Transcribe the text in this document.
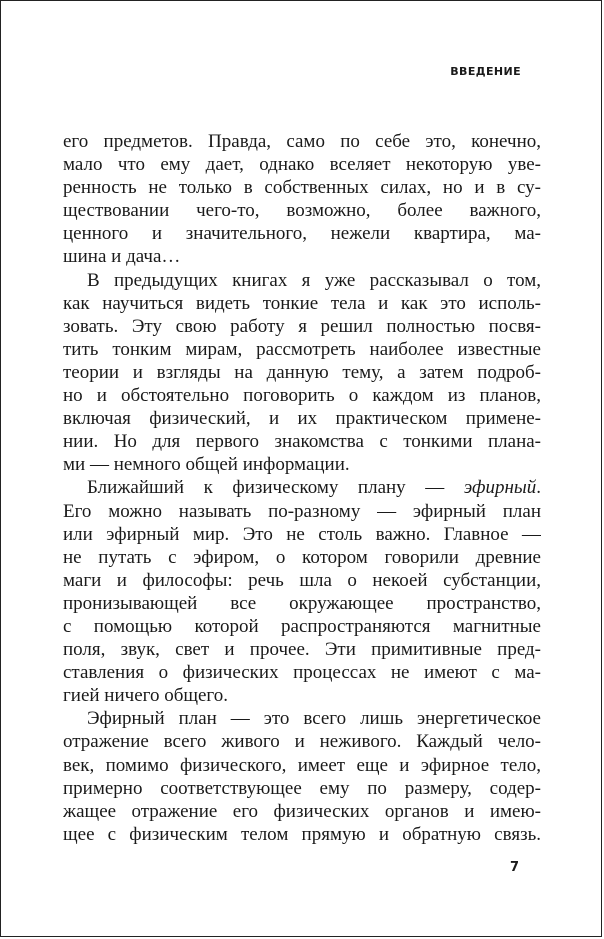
ВВЕДЕНИЕ
его предметов. Правда, само по себе это, конечно,
мало что ему дает, однако вселяет некоторую уве-
ренность не только в собственных силах, но и в су-
ществовании чего-то, возможно, более важного,
ценного и значительного, нежели квартира, ма-
шина и дача…
В предыдущих книгах я уже рассказывал о том,
как научиться видеть тонкие тела и как это исполь-
зовать. Эту свою работу я решил полностью посвя-
тить тонким мирам, рассмотреть наиболее известные
теории и взгляды на данную тему, а затем подроб-
но и обстоятельно поговорить о каждом из планов,
включая физический, и их практическом примене-
нии. Но для первого знакомства с тонкими плана-
ми — немного общей информации.
Ближайший к физическому плану — эфирный.
Его можно называть по-разному — эфирный план
или эфирный мир. Это не столь важно. Главное —
не путать с эфиром, о котором говорили древние
маги и философы: речь шла о некоей субстанции,
пронизывающей все окружающее пространство,
с помощью которой распространяются магнитные
поля, звук, свет и прочее. Эти примитивные пред-
ставления о физических процессах не имеют с ма-
гией ничего общего.
Эфирный план — это всего лишь энергетическое
отражение всего живого и неживого. Каждый чело-
век, помимо физического, имеет еще и эфирное тело,
примерно соответствующее ему по размеру, содер-
жащее отражение его физических органов и имею-
щее с физическим телом прямую и обратную связь.
7
